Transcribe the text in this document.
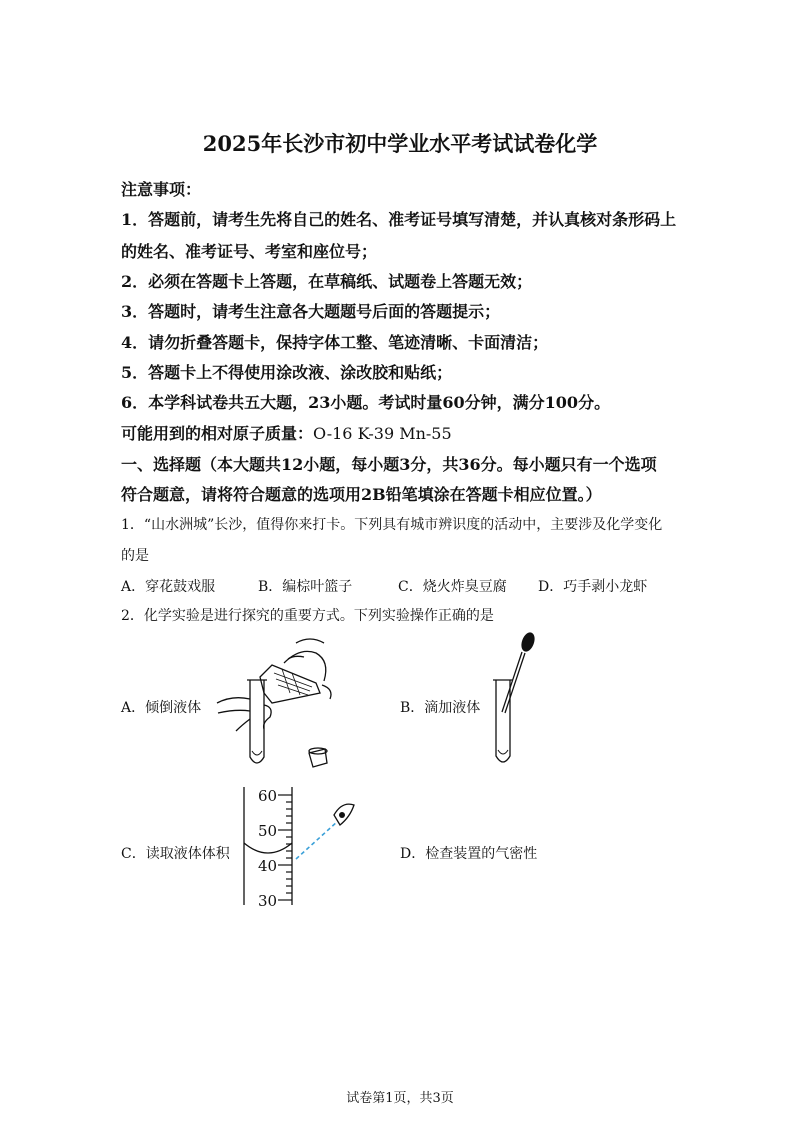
2025年长沙市初中学业水平考试试卷化学
注意事项：
1．答题前，请考生先将自己的姓名、准考证号填写清楚，并认真核对条形码上
的姓名、准考证号、考室和座位号；
2．必须在答题卡上答题，在草稿纸、试题卷上答题无效；
3．答题时，请考生注意各大题题号后面的答题提示；
4．请勿折叠答题卡，保持字体工整、笔迹清晰、卡面清洁；
5．答题卡上不得使用涂改液、涂改胶和贴纸；
6．本学科试卷共五大题，23小题。考试时量60分钟，满分100分。
可能用到的相对原子质量：O-16 K-39 Mn-55
一、选择题（本大题共12小题，每小题3分，共36分。每小题只有一个选项
符合题意，请将符合题意的选项用2B铅笔填涂在答题卡相应位置。）
1．“山水洲城”长沙，值得你来打卡。下列具有城市辨识度的活动中，主要涉及化学变化
的是
A．穿花鼓戏服	B．编棕叶篮子	C．烧火炸臭豆腐 D．巧手剥小龙虾
2．化学实验是进行探究的重要方式。下列实验操作正确的是
A．倾倒液体	B．滴加液体
C．读取液体体积	D．检查装置的气密性
60
50
40
30
试卷第1页，共3页
